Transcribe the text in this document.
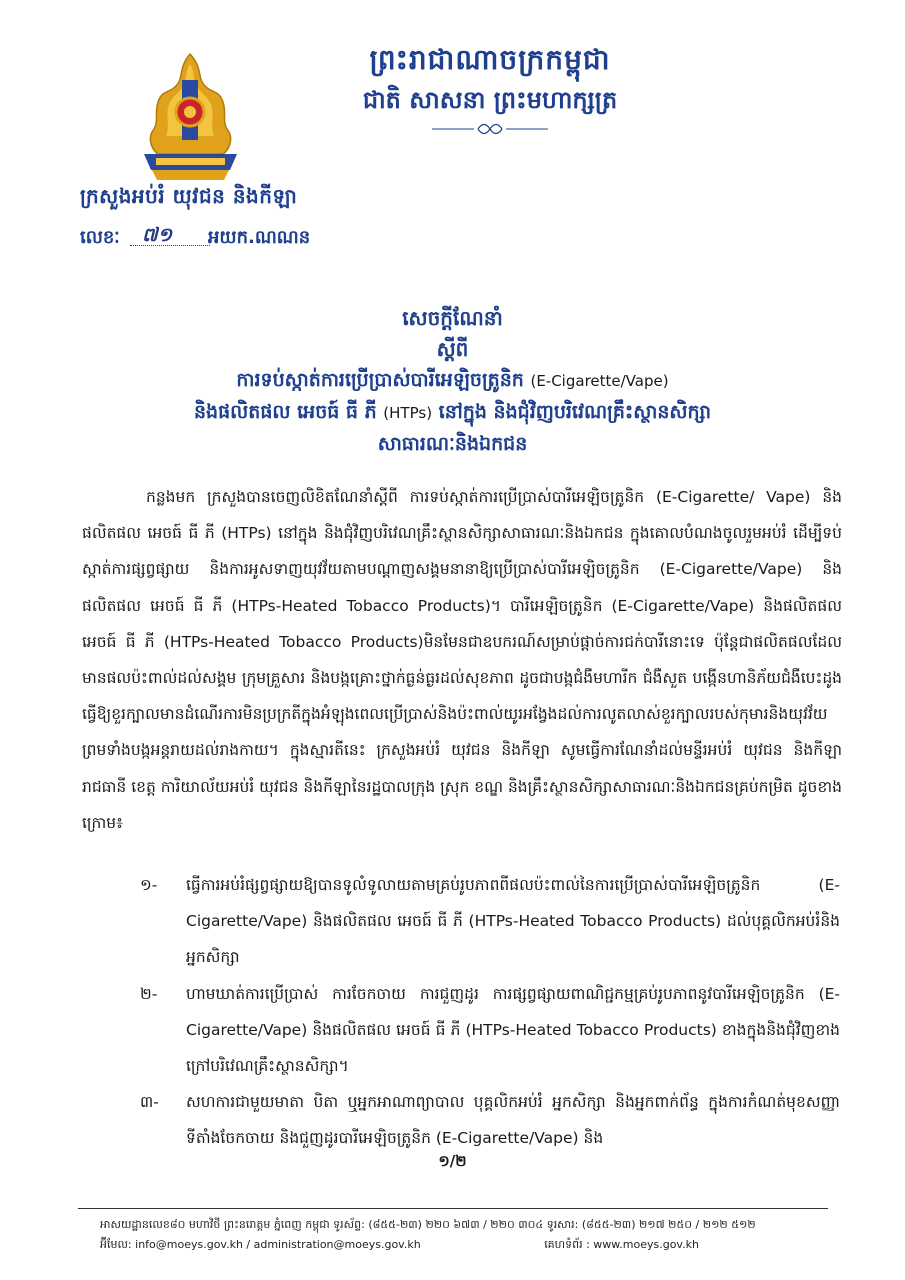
ព្រះរាជាណាចក្រកម្ពុជា
ជាតិ សាសនា ព្រះមហាក្សត្រ
ក្រសួងអប់រំ យុវជន និងកីឡា
លេខៈ ៧១ អយក.ណណន
សេចក្ដីណែនាំ
ស្ដីពី
ការទប់ស្កាត់ការប្រើប្រាស់បារីអេឡិចត្រូនិក (E-Cigarette/Vape)
និងផលិតផល អេចធ៍ ធី ភី (HTPs) នៅក្នុង និងជុំវិញបរិវេណគ្រឹះស្ថានសិក្សា
សាធារណៈនិងឯកជន

កន្លងមក ក្រសួងបានចេញលិខិតណែនាំស្ដីពី ការទប់ស្កាត់ការប្រើប្រាស់បារីអេឡិចត្រូនិក (E-Cigarette/ Vape) និងផលិតផល អេចធ៍ ធី ភី (HTPs) នៅក្នុង និងជុំវិញបរិវេណគ្រឹះស្ថានសិក្សាសាធារណៈនិងឯកជន ក្នុងគោលបំណងចូលរួមអប់រំ ដើម្បីទប់ស្កាត់ការផ្សព្វផ្សាយ និងការអូសទាញយុវវ័យតាមបណ្ដាញសង្គមនានាឱ្យប្រើប្រាស់បារីអេឡិចត្រូនិក (E-Cigarette/Vape) និងផលិតផល អេចធ៍ ធី ភី (HTPs-Heated Tobacco Products)។ បារីអេឡិចត្រូនិក (E-Cigarette/Vape) និងផលិតផល អេចធ៍ ធី ភី (HTPs-Heated Tobacco Products)មិនមែនជាឧបករណ៍សម្រាប់ផ្ដាច់ការជក់បារីនោះទេ ប៉ុន្តែជាផលិតផលដែលមានផលប៉ះពាល់ដល់សង្គម ក្រុមគ្រួសារ និងបង្កគ្រោះថ្នាក់ធ្ងន់ធ្ងរដល់សុខភាព ដូចជាបង្កជំងឺមហារីក ជំងឺសួត បង្កើនហានិភ័យជំងឺបេះដូង ធ្វើឱ្យខួរក្បាលមានដំណើរការមិនប្រក្រតីក្នុងអំឡុងពេលប្រើប្រាស់និងប៉ះពាល់យូរអង្វែងដល់ការលូតលាស់ខួរក្បាលរបស់កុមារនិងយុវវ័យ ព្រមទាំងបង្កអន្តរាយដល់រាងកាយ។ ក្នុងស្មារតីនេះ ក្រសួងអប់រំ យុវជន និងកីឡា សូមធ្វើការណែនាំដល់មន្ទីរអប់រំ យុវជន និងកីឡារាជធានី ខេត្ត ការិយាល័យអប់រំ យុវជន និងកីឡានៃរដ្ឋបាលក្រុង ស្រុក ខណ្ឌ និងគ្រឹះស្ថានសិក្សាសាធារណៈនិងឯកជនគ្រប់កម្រិត ដូចខាងក្រោម៖

១- ធ្វើការអប់រំផ្សព្វផ្សាយឱ្យបានទូលំទូលាយតាមគ្រប់រូបភាពពីផលប៉ះពាល់នៃការប្រើប្រាស់បារីអេឡិចត្រូនិក (E-Cigarette/Vape) និងផលិតផល អេចធ៍ ធី ភី (HTPs-Heated Tobacco Products) ដល់បុគ្គលិកអប់រំនិងអ្នកសិក្សា

២- ហាមឃាត់ការប្រើប្រាស់ ការចែកចាយ ការជួញដូរ ការផ្សព្វផ្សាយពាណិជ្ជកម្មគ្រប់រូបភាពនូវបារីអេឡិចត្រូនិក (E-Cigarette/Vape) និងផលិតផល អេចធ៍ ធី ភី (HTPs-Heated Tobacco Products) ខាងក្នុងនិងជុំវិញខាងក្រៅបរិវេណគ្រឹះស្ថានសិក្សា។

៣- សហការជាមួយមាតា បិតា ឬអ្នកអាណាព្យាបាល បុគ្គលិកអប់រំ អ្នកសិក្សា និងអ្នកពាក់ព័ន្ធ ក្នុងការកំណត់មុខសញ្ញា ទីតាំងចែកចាយ និងជួញដូរបារីអេឡិចត្រូនិក (E-Cigarette/Vape) និង

១/២
អាសយដ្ឋានលេខ៨០ មហាវិថី ព្រះនរោត្តម ភ្នំពេញ កម្ពុជា ទូរស័ព្ទ: (៨៥៥-២៣) ២២០ ៦៧៣ / ២២០ ៣០៤ ទូរសារ: (៨៥៥-២៣) ២១៧ ២៥០ / ២១២ ៥១២
អ៊ីមែល: info@moeys.gov.kh / administration@moeys.gov.kh	គេហទំព័រ : www.moeys.gov.kh
